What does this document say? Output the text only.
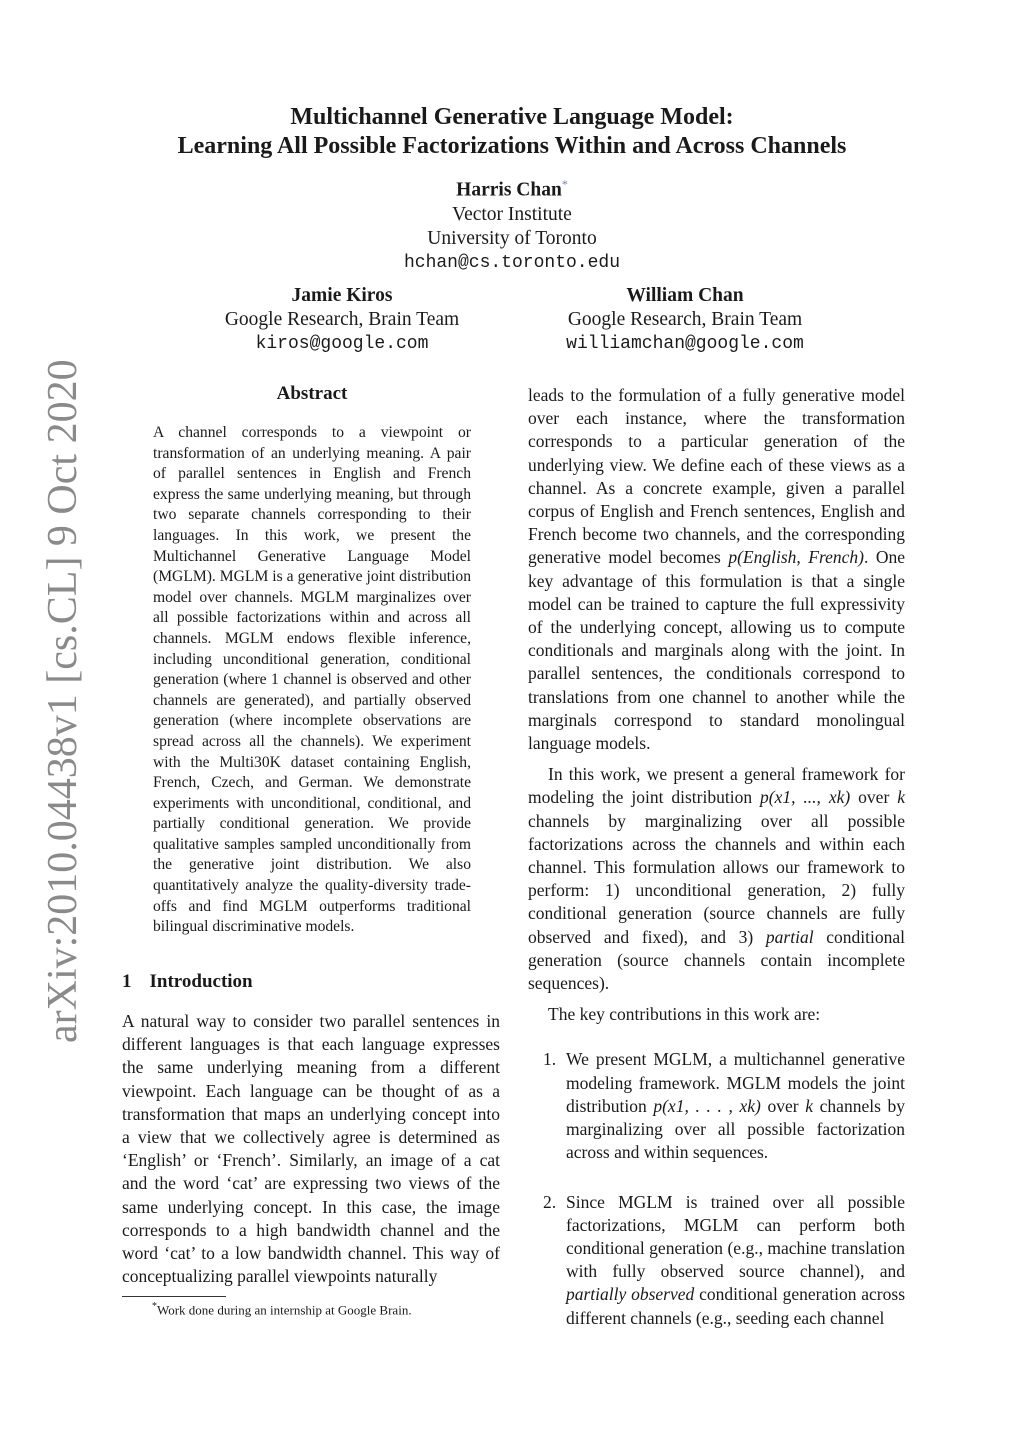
arXiv:2010.04438v1 [cs.CL] 9 Oct 2020
Multichannel Generative Language Model:
Learning All Possible Factorizations Within and Across Channels
Harris Chan*
Vector Institute
University of Toronto
hchan@cs.toronto.edu
Jamie Kiros
Google Research, Brain Team
kiros@google.com
William Chan
Google Research, Brain Team
williamchan@google.com
Abstract
A channel corresponds to a viewpoint or transformation of an underlying meaning. A pair of parallel sentences in English and French express the same underlying meaning, but through two separate channels corresponding to their languages. In this work, we present the Multichannel Generative Language Model (MGLM). MGLM is a generative joint distribution model over channels. MGLM marginalizes over all possible factorizations within and across all channels. MGLM endows flexible inference, including unconditional generation, conditional generation (where 1 channel is observed and other channels are generated), and partially observed generation (where incomplete observations are spread across all the channels). We experiment with the Multi30K dataset containing English, French, Czech, and German. We demonstrate experiments with unconditional, conditional, and partially conditional generation. We provide qualitative samples sampled unconditionally from the generative joint distribution. We also quantitatively analyze the quality-diversity trade-offs and find MGLM outperforms traditional bilingual discriminative models.
1 Introduction
A natural way to consider two parallel sentences in different languages is that each language expresses the same underlying meaning from a different viewpoint. Each language can be thought of as a transformation that maps an underlying concept into a view that we collectively agree is determined as ‘English’ or ‘French’. Similarly, an image of a cat and the word ‘cat’ are expressing two views of the same underlying concept. In this case, the image corresponds to a high bandwidth channel and the word ‘cat’ to a low bandwidth channel. This way of conceptualizing parallel viewpoints naturally
*Work done during an internship at Google Brain.

leads to the formulation of a fully generative model over each instance, where the transformation corresponds to a particular generation of the underlying view. We define each of these views as a channel. As a concrete example, given a parallel corpus of English and French sentences, English and French become two channels, and the corresponding generative model becomes p(English, French). One key advantage of this formulation is that a single model can be trained to capture the full expressivity of the underlying concept, allowing us to compute conditionals and marginals along with the joint. In parallel sentences, the conditionals correspond to translations from one channel to another while the marginals correspond to standard monolingual language models.

In this work, we present a general framework for modeling the joint distribution p(x1, ..., xk) over k channels by marginalizing over all possible factorizations across the channels and within each channel. This formulation allows our framework to perform: 1) unconditional generation, 2) fully conditional generation (source channels are fully observed and fixed), and 3) partial conditional generation (source channels contain incomplete sequences).

The key contributions in this work are:

1. We present MGLM, a multichannel generative modeling framework. MGLM models the joint distribution p(x1, . . . , xk) over k channels by marginalizing over all possible factorization across and within sequences.
2. Since MGLM is trained over all possible factorizations, MGLM can perform both conditional generation (e.g., machine translation with fully observed source channel), and partially observed conditional generation across different channels (e.g., seeding each channel
